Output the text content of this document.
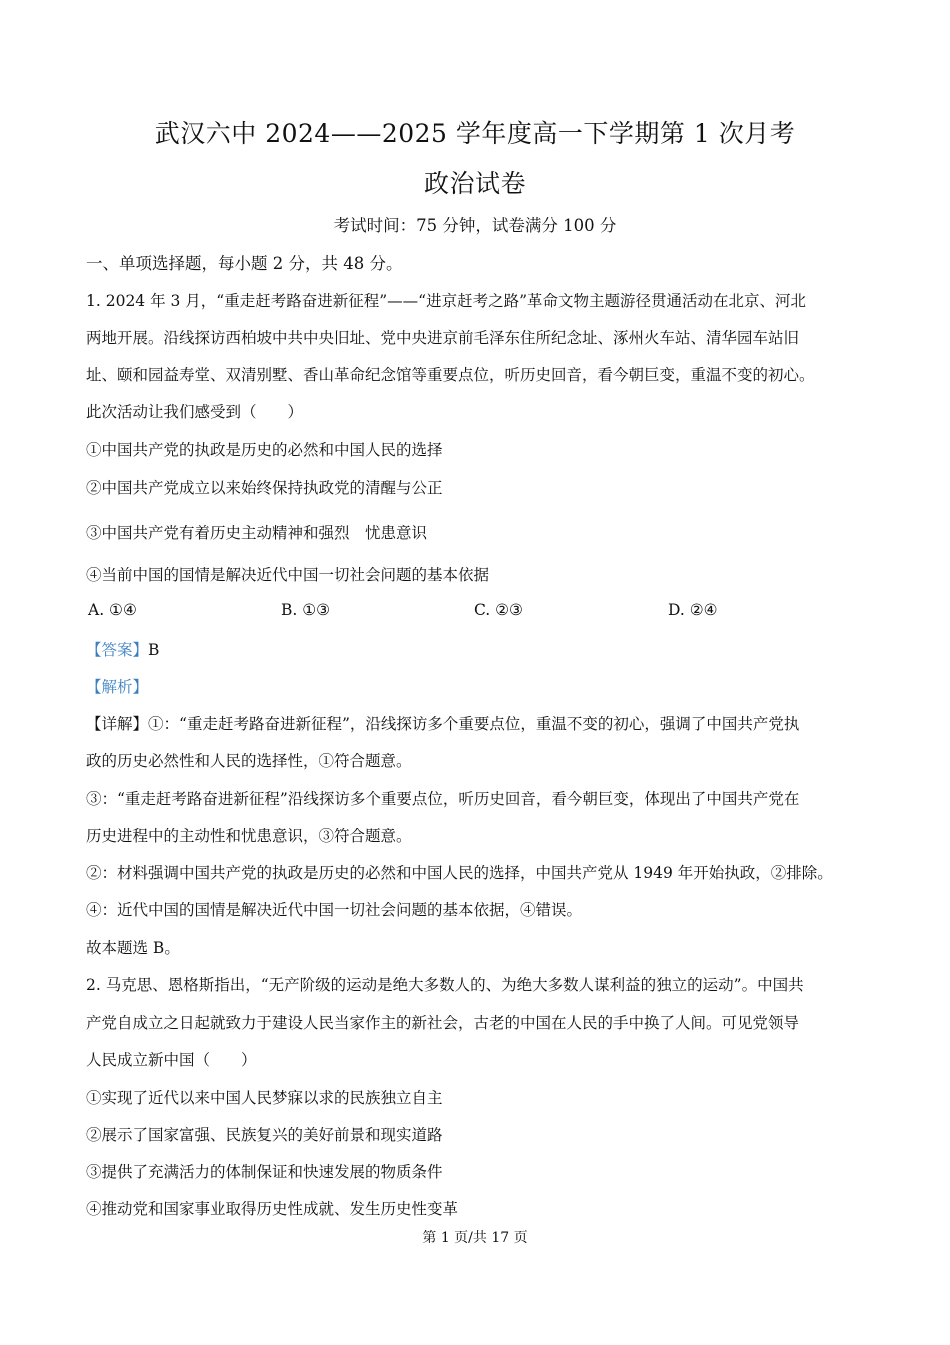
武汉六中 2024——2025 学年度高一下学期第 1 次月考
政治试卷
考试时间：75 分钟，试卷满分 100 分
一、单项选择题，每小题 2 分，共 48 分。
1. 2024 年 3 月，“重走赶考路奋进新征程”——“进京赶考之路”革命文物主题游径贯通活动在北京、河北
两地开展。沿线探访西柏坡中共中央旧址、党中央进京前毛泽东住所纪念址、涿州火车站、清华园车站旧
址、颐和园益寿堂、双清别墅、香山革命纪念馆等重要点位，听历史回音，看今朝巨变，重温不变的初心。
此次活动让我们感受到（　　）
①中国共产党的执政是历史的必然和中国人民的选择
②中国共产党成立以来始终保持执政党的清醒与公正
③中国共产党有着历史主动精神和强烈　忧患意识
④当前中国的国情是解决近代中国一切社会问题的基本依据
A. ①④	B. ①③	C. ②③	D. ②④
【答案】B
【解析】
【详解】①：“重走赶考路奋进新征程”，沿线探访多个重要点位，重温不变的初心，强调了中国共产党执
政的历史必然性和人民的选择性，①符合题意。
③：“重走赶考路奋进新征程”沿线探访多个重要点位，听历史回音，看今朝巨变，体现出了中国共产党在
历史进程中的主动性和忧患意识，③符合题意。
②：材料强调中国共产党的执政是历史的必然和中国人民的选择，中国共产党从 1949 年开始执政，②排除。
④：近代中国的国情是解决近代中国一切社会问题的基本依据，④错误。
故本题选 B。
2. 马克思、恩格斯指出，“无产阶级的运动是绝大多数人的、为绝大多数人谋利益的独立的运动”。中国共
产党自成立之日起就致力于建设人民当家作主的新社会，古老的中国在人民的手中换了人间。可见党领导
人民成立新中国（　　）
①实现了近代以来中国人民梦寐以求的民族独立自主
②展示了国家富强、民族复兴的美好前景和现实道路
③提供了充满活力的体制保证和快速发展的物质条件
④推动党和国家事业取得历史性成就、发生历史性变革
第 1 页/共 17 页
